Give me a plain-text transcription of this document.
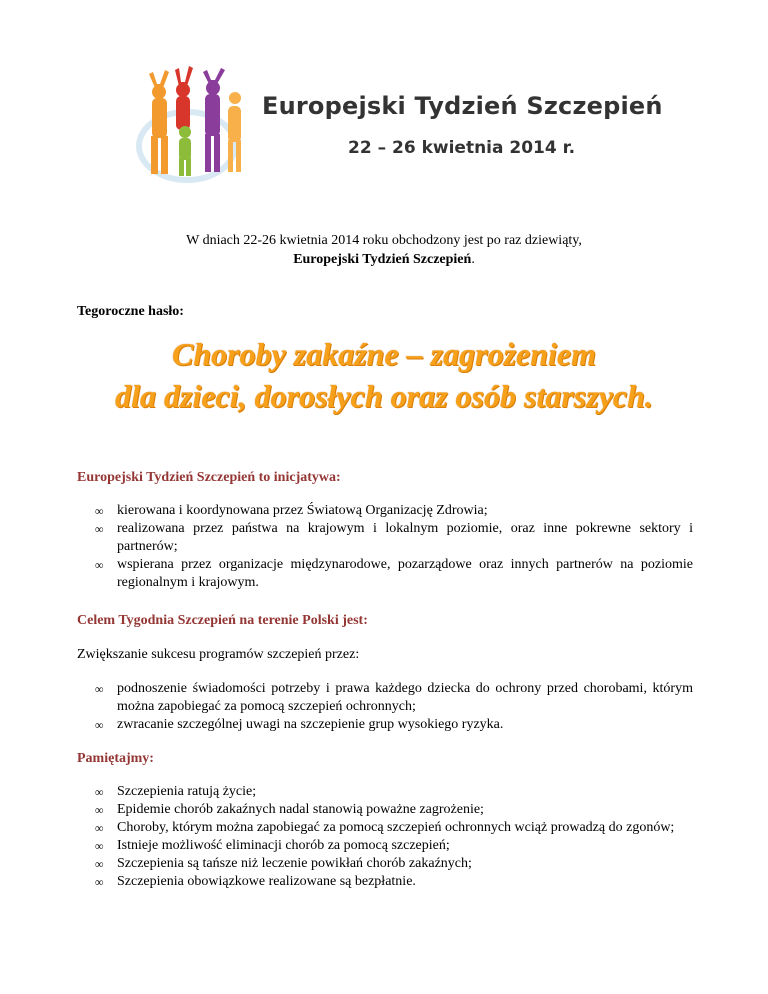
Europejski Tydzień Szczepień
22 – 26 kwietnia 2014 r.
W dniach 22-26 kwietnia 2014 roku obchodzony jest po raz dziewiąty,
Europejski Tydzień Szczepień.
Tegoroczne hasło:
Choroby zakaźne – zagrożeniem
dla dzieci, dorosłych oraz osób starszych.
Europejski Tydzień Szczepień to inicjatywa:
∞ kierowana i koordynowana przez Światową Organizację Zdrowia;
∞ realizowana przez państwa na krajowym i lokalnym poziomie, oraz inne pokrewne sektory i partnerów;
∞ wspierana przez organizacje międzynarodowe, pozarządowe oraz innych partnerów na poziomie regionalnym i krajowym.
Celem Tygodnia Szczepień na terenie Polski jest:
Zwiększanie sukcesu programów szczepień przez:
∞ podnoszenie świadomości potrzeby i prawa każdego dziecka do ochrony przed chorobami, którym można zapobiegać za pomocą szczepień ochronnych;
∞ zwracanie szczególnej uwagi na szczepienie grup wysokiego ryzyka.
Pamiętajmy:
∞ Szczepienia ratują życie;
∞ Epidemie chorób zakaźnych nadal stanowią poważne zagrożenie;
∞ Choroby, którym można zapobiegać za pomocą szczepień ochronnych wciąż prowadzą do zgonów;
∞ Istnieje możliwość eliminacji chorób za pomocą szczepień;
∞ Szczepienia są tańsze niż leczenie powikłań chorób zakaźnych;
∞ Szczepienia obowiązkowe realizowane są bezpłatnie.
